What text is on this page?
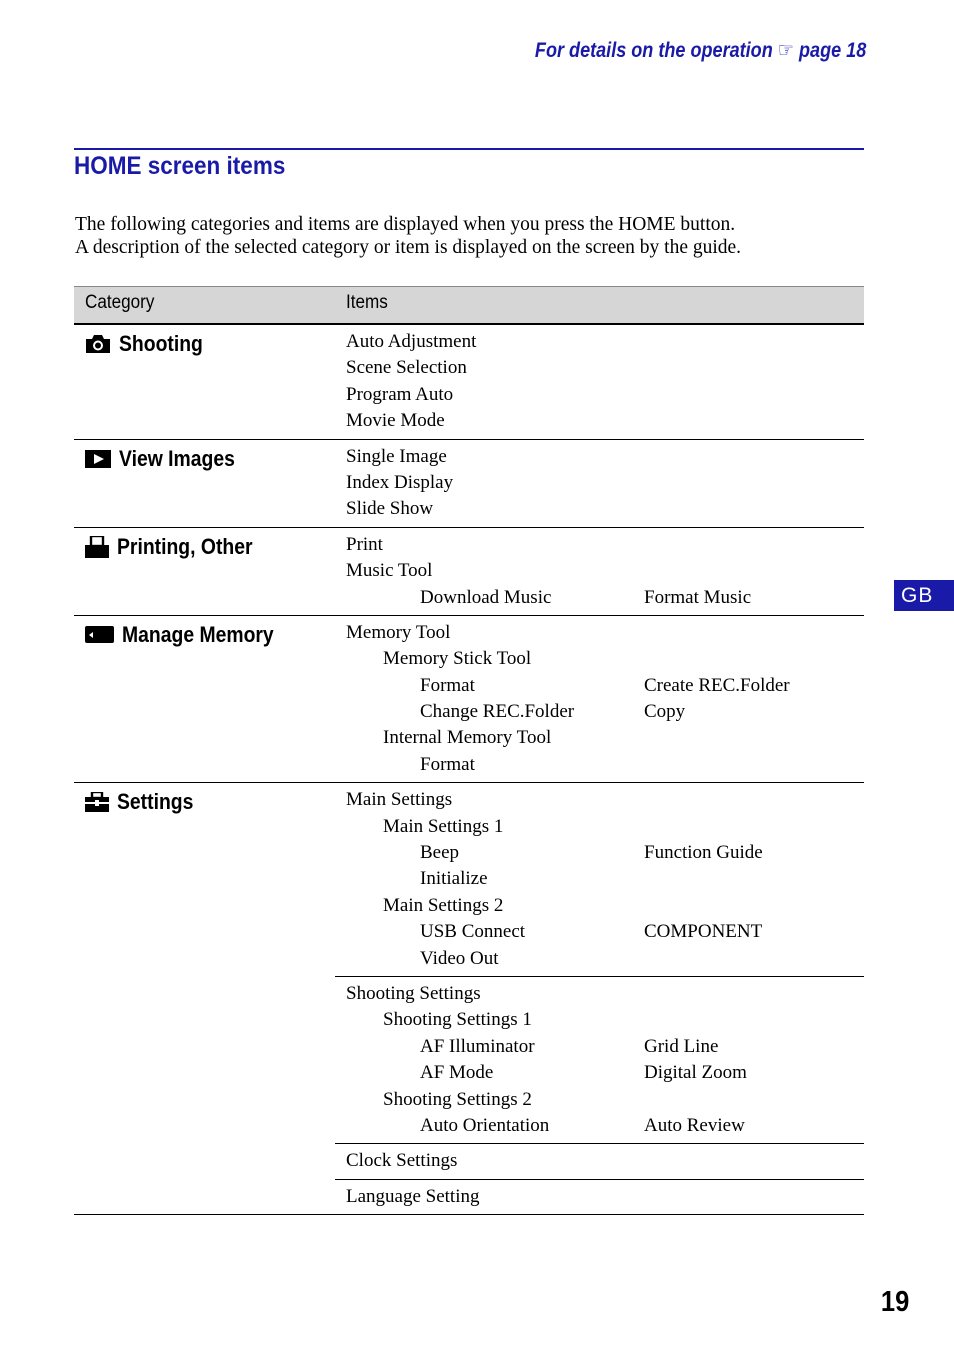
For details on the operation ☞ page 18
HOME screen items
The following categories and items are displayed when you press the HOME button.
A description of the selected category or item is displayed on the screen by the guide.
Category	Items
Shooting	Auto Adjustment
Scene Selection
Program Auto
Movie Mode
View Images	Single Image
Index Display
Slide Show
Printing, Other	Print
Music Tool
Download Music	Format Music
Manage Memory	Memory Tool
Memory Stick Tool
Format	Create REC.Folder
Change REC.Folder	Copy
Internal Memory Tool
Format
Settings	Main Settings
Main Settings 1
Beep	Function Guide
Initialize
Main Settings 2
USB Connect	COMPONENT
Video Out
Shooting Settings
Shooting Settings 1
AF Illuminator	Grid Line
AF Mode	Digital Zoom
Shooting Settings 2
Auto Orientation	Auto Review
Clock Settings
Language Setting
GB
19
